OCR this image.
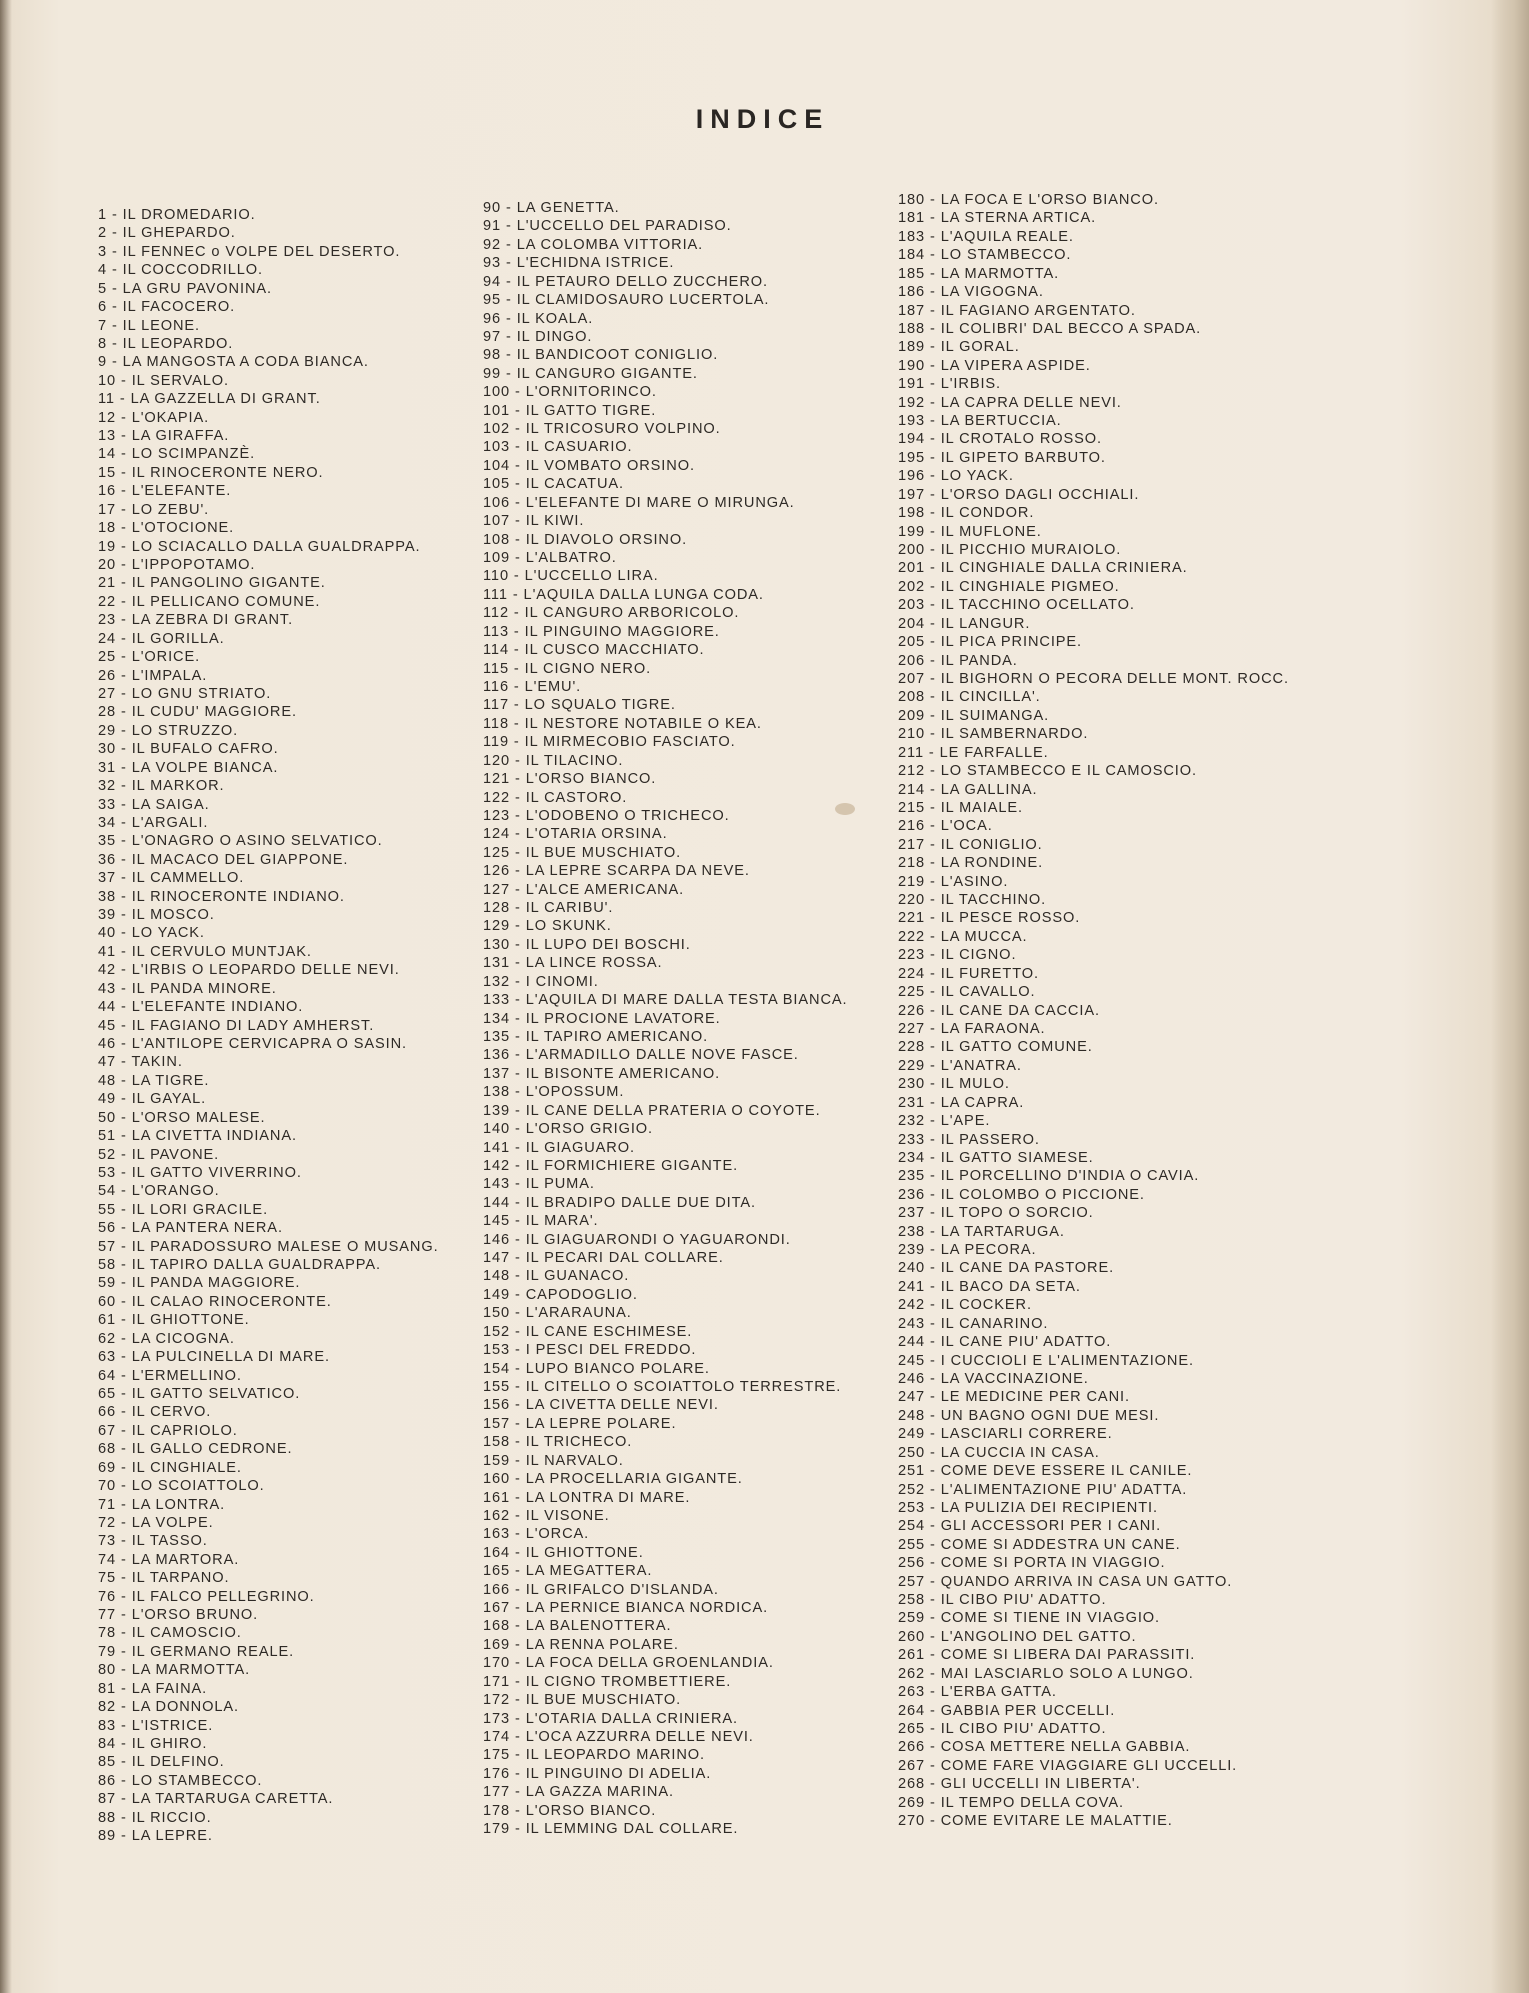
INDICE
1 - IL DROMEDARIO.
2 - IL GHEPARDO.
3 - IL FENNEC o VOLPE DEL DESERTO.
4 - IL COCCODRILLO.
5 - LA GRU PAVONINA.
6 - IL FACOCERO.
7 - IL LEONE.
8 - IL LEOPARDO.
9 - LA MANGOSTA A CODA BIANCA.
10 - IL SERVALO.
11 - LA GAZZELLA DI GRANT.
12 - L'OKAPIA.
13 - LA GIRAFFA.
14 - LO SCIMPANZÈ.
15 - IL RINOCERONTE NERO.
16 - L'ELEFANTE.
17 - LO ZEBU'.
18 - L'OTOCIONE.
19 - LO SCIACALLO DALLA GUALDRAPPA.
20 - L'IPPOPOTAMO.
21 - IL PANGOLINO GIGANTE.
22 - IL PELLICANO COMUNE.
23 - LA ZEBRA DI GRANT.
24 - IL GORILLA.
25 - L'ORICE.
26 - L'IMPALA.
27 - LO GNU STRIATO.
28 - IL CUDU' MAGGIORE.
29 - LO STRUZZO.
30 - IL BUFALO CAFRO.
31 - LA VOLPE BIANCA.
32 - IL MARKOR.
33 - LA SAIGA.
34 - L'ARGALI.
35 - L'ONAGRO O ASINO SELVATICO.
36 - IL MACACO DEL GIAPPONE.
37 - IL CAMMELLO.
38 - IL RINOCERONTE INDIANO.
39 - IL MOSCO.
40 - LO YACK.
41 - IL CERVULO MUNTJAK.
42 - L'IRBIS O LEOPARDO DELLE NEVI.
43 - IL PANDA MINORE.
44 - L'ELEFANTE INDIANO.
45 - IL FAGIANO DI LADY AMHERST.
46 - L'ANTILOPE CERVICAPRA O SASIN.
47 - TAKIN.
48 - LA TIGRE.
49 - IL GAYAL.
50 - L'ORSO MALESE.
51 - LA CIVETTA INDIANA.
52 - IL PAVONE.
53 - IL GATTO VIVERRINO.
54 - L'ORANGO.
55 - IL LORI GRACILE.
56 - LA PANTERA NERA.
57 - IL PARADOSSURO MALESE O MUSANG.
58 - IL TAPIRO DALLA GUALDRAPPA.
59 - IL PANDA MAGGIORE.
60 - IL CALAO RINOCERONTE.
61 - IL GHIOTTONE.
62 - LA CICOGNA.
63 - LA PULCINELLA DI MARE.
64 - L'ERMELLINO.
65 - IL GATTO SELVATICO.
66 - IL CERVO.
67 - IL CAPRIOLO.
68 - IL GALLO CEDRONE.
69 - IL CINGHIALE.
70 - LO SCOIATTOLO.
71 - LA LONTRA.
72 - LA VOLPE.
73 - IL TASSO.
74 - LA MARTORA.
75 - IL TARPANO.
76 - IL FALCO PELLEGRINO.
77 - L'ORSO BRUNO.
78 - IL CAMOSCIO.
79 - IL GERMANO REALE.
80 - LA MARMOTTA.
81 - LA FAINA.
82 - LA DONNOLA.
83 - L'ISTRICE.
84 - IL GHIRO.
85 - IL DELFINO.
86 - LO STAMBECCO.
87 - LA TARTARUGA CARETTA.
88 - IL RICCIO.
89 - LA LEPRE.
90 - LA GENETTA.
91 - L'UCCELLO DEL PARADISO.
92 - LA COLOMBA VITTORIA.
93 - L'ECHIDNA ISTRICE.
94 - IL PETAURO DELLO ZUCCHERO.
95 - IL CLAMIDOSAURO LUCERTOLA.
96 - IL KOALA.
97 - IL DINGO.
98 - IL BANDICOOT CONIGLIO.
99 - IL CANGURO GIGANTE.
100 - L'ORNITORINCO.
101 - IL GATTO TIGRE.
102 - IL TRICOSURO VOLPINO.
103 - IL CASUARIO.
104 - IL VOMBATO ORSINO.
105 - IL CACATUA.
106 - L'ELEFANTE DI MARE O MIRUNGA.
107 - IL KIWI.
108 - IL DIAVOLO ORSINO.
109 - L'ALBATRO.
110 - L'UCCELLO LIRA.
111 - L'AQUILA DALLA LUNGA CODA.
112 - IL CANGURO ARBORICOLO.
113 - IL PINGUINO MAGGIORE.
114 - IL CUSCO MACCHIATO.
115 - IL CIGNO NERO.
116 - L'EMU'.
117 - LO SQUALO TIGRE.
118 - IL NESTORE NOTABILE O KEA.
119 - IL MIRMECOBIO FASCIATO.
120 - IL TILACINO.
121 - L'ORSO BIANCO.
122 - IL CASTORO.
123 - L'ODOBENO O TRICHECO.
124 - L'OTARIA ORSINA.
125 - IL BUE MUSCHIATO.
126 - LA LEPRE SCARPA DA NEVE.
127 - L'ALCE AMERICANA.
128 - IL CARIBU'.
129 - LO SKUNK.
130 - IL LUPO DEI BOSCHI.
131 - LA LINCE ROSSA.
132 - I CINOMI.
133 - L'AQUILA DI MARE DALLA TESTA BIANCA.
134 - IL PROCIONE LAVATORE.
135 - IL TAPIRO AMERICANO.
136 - L'ARMADILLO DALLE NOVE FASCE.
137 - IL BISONTE AMERICANO.
138 - L'OPOSSUM.
139 - IL CANE DELLA PRATERIA O COYOTE.
140 - L'ORSO GRIGIO.
141 - IL GIAGUARO.
142 - IL FORMICHIERE GIGANTE.
143 - IL PUMA.
144 - IL BRADIPO DALLE DUE DITA.
145 - IL MARA'.
146 - IL GIAGUARONDI O YAGUARONDI.
147 - IL PECARI DAL COLLARE.
148 - IL GUANACO.
149 - CAPODOGLIO.
150 - L'ARARAUNA.
152 - IL CANE ESCHIMESE.
153 - I PESCI DEL FREDDO.
154 - LUPO BIANCO POLARE.
155 - IL CITELLO O SCOIATTOLO TERRESTRE.
156 - LA CIVETTA DELLE NEVI.
157 - LA LEPRE POLARE.
158 - IL TRICHECO.
159 - IL NARVALO.
160 - LA PROCELLARIA GIGANTE.
161 - LA LONTRA DI MARE.
162 - IL VISONE.
163 - L'ORCA.
164 - IL GHIOTTONE.
165 - LA MEGATTERA.
166 - IL GRIFALCO D'ISLANDA.
167 - LA PERNICE BIANCA NORDICA.
168 - LA BALENOTTERA.
169 - LA RENNA POLARE.
170 - LA FOCA DELLA GROENLANDIA.
171 - IL CIGNO TROMBETTIERE.
172 - IL BUE MUSCHIATO.
173 - L'OTARIA DALLA CRINIERA.
174 - L'OCA AZZURRA DELLE NEVI.
175 - IL LEOPARDO MARINO.
176 - IL PINGUINO DI ADELIA.
177 - LA GAZZA MARINA.
178 - L'ORSO BIANCO.
179 - IL LEMMING DAL COLLARE.
180 - LA FOCA E L'ORSO BIANCO.
181 - LA STERNA ARTICA.
183 - L'AQUILA REALE.
184 - LO STAMBECCO.
185 - LA MARMOTTA.
186 - LA VIGOGNA.
187 - IL FAGIANO ARGENTATO.
188 - IL COLIBRI' DAL BECCO A SPADA.
189 - IL GORAL.
190 - LA VIPERA ASPIDE.
191 - L'IRBIS.
192 - LA CAPRA DELLE NEVI.
193 - LA BERTUCCIA.
194 - IL CROTALO ROSSO.
195 - IL GIPETO BARBUTO.
196 - LO YACK.
197 - L'ORSO DAGLI OCCHIALI.
198 - IL CONDOR.
199 - IL MUFLONE.
200 - IL PICCHIO MURAIOLO.
201 - IL CINGHIALE DALLA CRINIERA.
202 - IL CINGHIALE PIGMEO.
203 - IL TACCHINO OCELLATO.
204 - IL LANGUR.
205 - IL PICA PRINCIPE.
206 - IL PANDA.
207 - IL BIGHORN O PECORA DELLE MONT. ROCC.
208 - IL CINCILLA'.
209 - IL SUIMANGA.
210 - IL SAMBERNARDO.
211 - LE FARFALLE.
212 - LO STAMBECCO E IL CAMOSCIO.
214 - LA GALLINA.
215 - IL MAIALE.
216 - L'OCA.
217 - IL CONIGLIO.
218 - LA RONDINE.
219 - L'ASINO.
220 - IL TACCHINO.
221 - IL PESCE ROSSO.
222 - LA MUCCA.
223 - IL CIGNO.
224 - IL FURETTO.
225 - IL CAVALLO.
226 - IL CANE DA CACCIA.
227 - LA FARAONA.
228 - IL GATTO COMUNE.
229 - L'ANATRA.
230 - IL MULO.
231 - LA CAPRA.
232 - L'APE.
233 - IL PASSERO.
234 - IL GATTO SIAMESE.
235 - IL PORCELLINO D'INDIA O CAVIA.
236 - IL COLOMBO O PICCIONE.
237 - IL TOPO O SORCIO.
238 - LA TARTARUGA.
239 - LA PECORA.
240 - IL CANE DA PASTORE.
241 - IL BACO DA SETA.
242 - IL COCKER.
243 - IL CANARINO.
244 - IL CANE PIU' ADATTO.
245 - I CUCCIOLI E L'ALIMENTAZIONE.
246 - LA VACCINAZIONE.
247 - LE MEDICINE PER CANI.
248 - UN BAGNO OGNI DUE MESI.
249 - LASCIARLI CORRERE.
250 - LA CUCCIA IN CASA.
251 - COME DEVE ESSERE IL CANILE.
252 - L'ALIMENTAZIONE PIU' ADATTA.
253 - LA PULIZIA DEI RECIPIENTI.
254 - GLI ACCESSORI PER I CANI.
255 - COME SI ADDESTRA UN CANE.
256 - COME SI PORTA IN VIAGGIO.
257 - QUANDO ARRIVA IN CASA UN GATTO.
258 - IL CIBO PIU' ADATTO.
259 - COME SI TIENE IN VIAGGIO.
260 - L'ANGOLINO DEL GATTO.
261 - COME SI LIBERA DAI PARASSITI.
262 - MAI LASCIARLO SOLO A LUNGO.
263 - L'ERBA GATTA.
264 - GABBIA PER UCCELLI.
265 - IL CIBO PIU' ADATTO.
266 - COSA METTERE NELLA GABBIA.
267 - COME FARE VIAGGIARE GLI UCCELLI.
268 - GLI UCCELLI IN LIBERTA'.
269 - IL TEMPO DELLA COVA.
270 - COME EVITARE LE MALATTIE.
